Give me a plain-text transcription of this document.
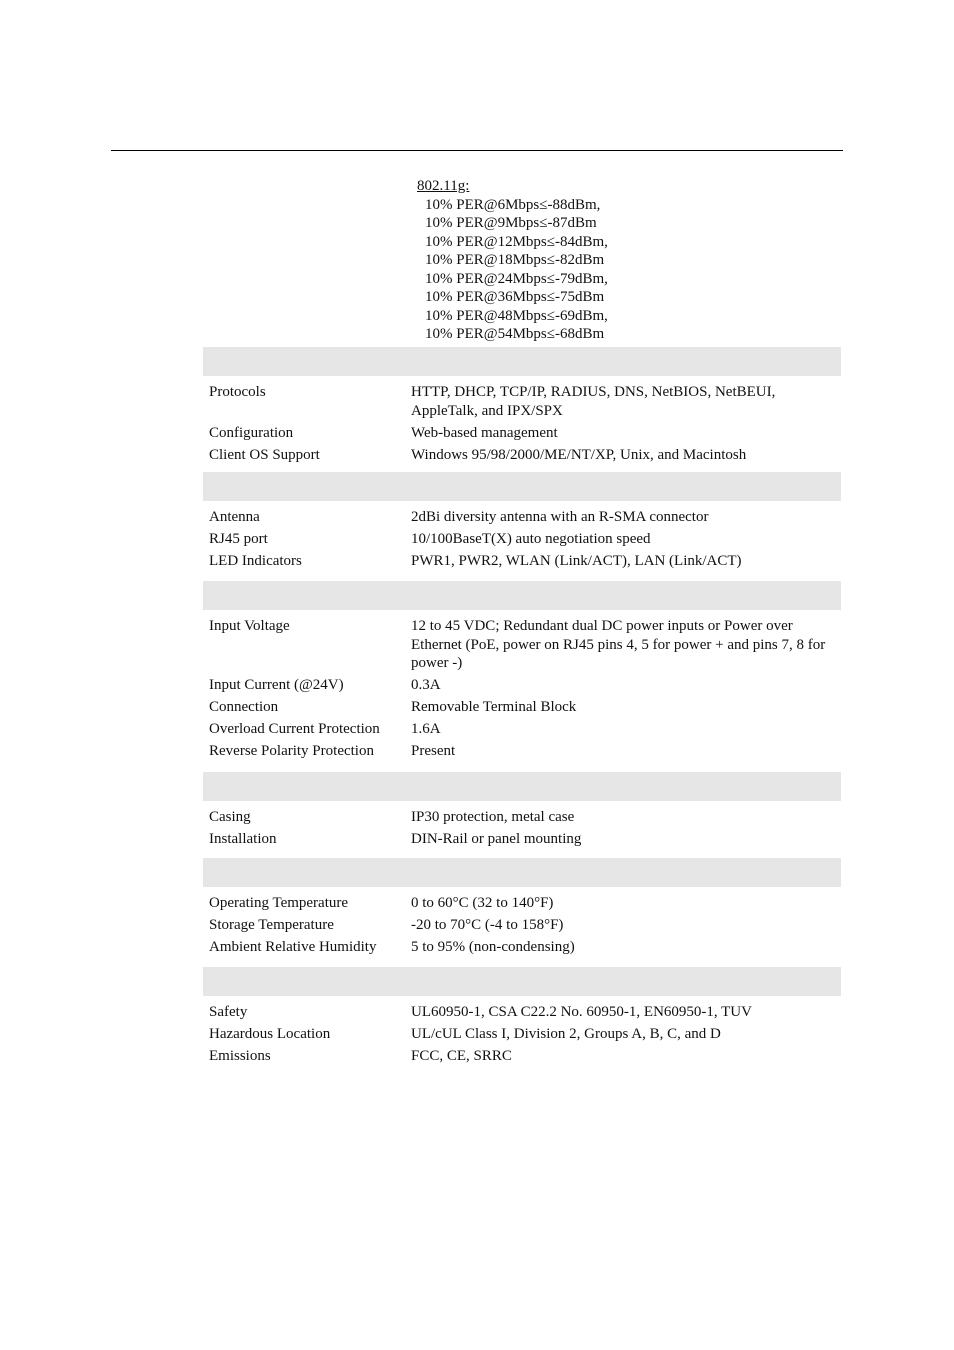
802.11g:
10% PER@6Mbps≤-88dBm,
10% PER@9Mbps≤-87dBm
10% PER@12Mbps≤-84dBm,
10% PER@18Mbps≤-82dBm
10% PER@24Mbps≤-79dBm,
10% PER@36Mbps≤-75dBm
10% PER@48Mbps≤-69dBm,
10% PER@54Mbps≤-68dBm
Protocols	HTTP, DHCP, TCP/IP, RADIUS, DNS, NetBIOS, NetBEUI, AppleTalk, and IPX/SPX
Configuration	Web-based management
Client OS Support	Windows 95/98/2000/ME/NT/XP, Unix, and Macintosh
Antenna	2dBi diversity antenna with an R-SMA connector
RJ45 port	10/100BaseT(X) auto negotiation speed
LED Indicators	PWR1, PWR2, WLAN (Link/ACT), LAN (Link/ACT)
Input Voltage	12 to 45 VDC; Redundant dual DC power inputs or Power over Ethernet (PoE, power on RJ45 pins 4, 5 for power + and pins 7, 8 for power -)
Input Current (@24V)	0.3A
Connection	Removable Terminal Block
Overload Current Protection	1.6A
Reverse Polarity Protection	Present
Casing	IP30 protection, metal case
Installation	DIN-Rail or panel mounting
Operating Temperature	0 to 60°C (32 to 140°F)
Storage Temperature	-20 to 70°C (-4 to 158°F)
Ambient Relative Humidity	5 to 95% (non-condensing)
Safety	UL60950-1, CSA C22.2 No. 60950-1, EN60950-1, TUV
Hazardous Location	UL/cUL Class I, Division 2, Groups A, B, C, and D
Emissions	FCC, CE, SRRC
